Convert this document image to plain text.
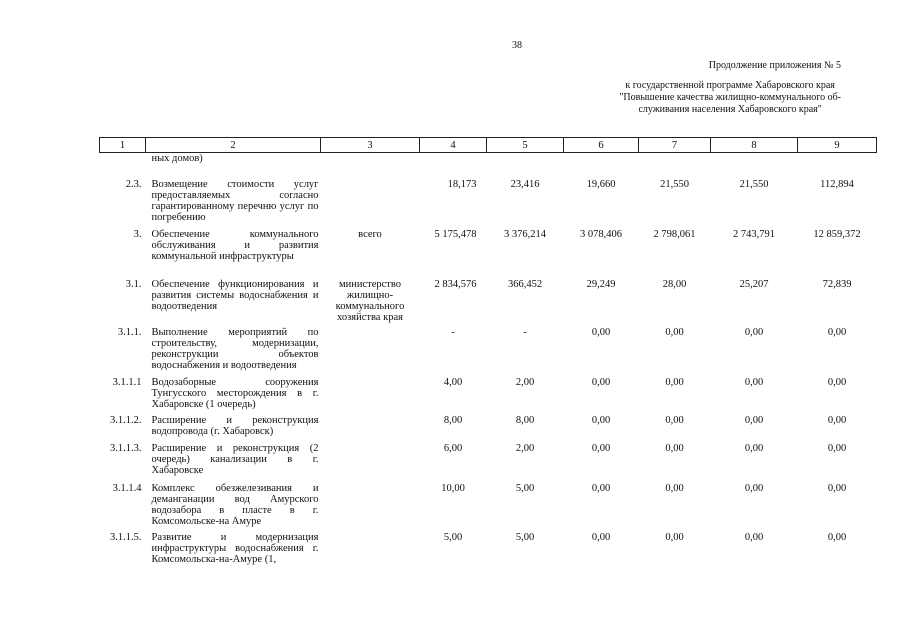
38
Продолжение приложения № 5
к государственной программе Хабаровского края
"Повышение качества жилищно-коммунального об-
служивания населения Хабаровского края"
1	2	3	4	5	6	7	8	9
	ных домов)							
2.3.	Возмещение стоимости услуг предоставляемых согласно гарантированному перечню услуг по погребению		18,173	23,416	19,660	21,550	21,550	112,894
3.	Обеспечение коммунального обслуживания и развития коммунальной инфраструктуры	всего	5 175,478	3 376,214	3 078,406	2 798,061	2 743,791	12 859,372
3.1.	Обеспечение функционирования и развития системы водоснабжения и водоотведения	министерство жилищно-коммунального хозяйства края	2 834,576	366,452	29,249	28,00	25,207	72,839
3.1.1.	Выполнение мероприятий по строительству, модернизации, реконструкции объектов водоснабжения и водоотведения		-	-	0,00	0,00	0,00	0,00
3.1.1.1	Водозаборные сооружения Тунгусского месторождения в г. Хабаровске (1 очередь)		4,00	2,00	0,00	0,00	0,00	0,00
3.1.1.2.	Расширение и реконструкция водопровода (г. Хабаровск)		8,00	8,00	0,00	0,00	0,00	0,00
3.1.1.3.	Расширение и реконструкция (2 очередь) канализации в г. Хабаровске		6,00	2,00	0,00	0,00	0,00	0,00
3.1.1.4	Комплекс обезжелезивания и деманганации вод Амурского водозабора в пласте в г. Комсомольске-на Амуре		10,00	5,00	0,00	0,00	0,00	0,00
3.1.1.5.	Развитие и модернизация инфраструктуры водоснабжения г. Комсомольска-на-Амуре (1,		5,00	5,00	0,00	0,00	0,00	0,00
